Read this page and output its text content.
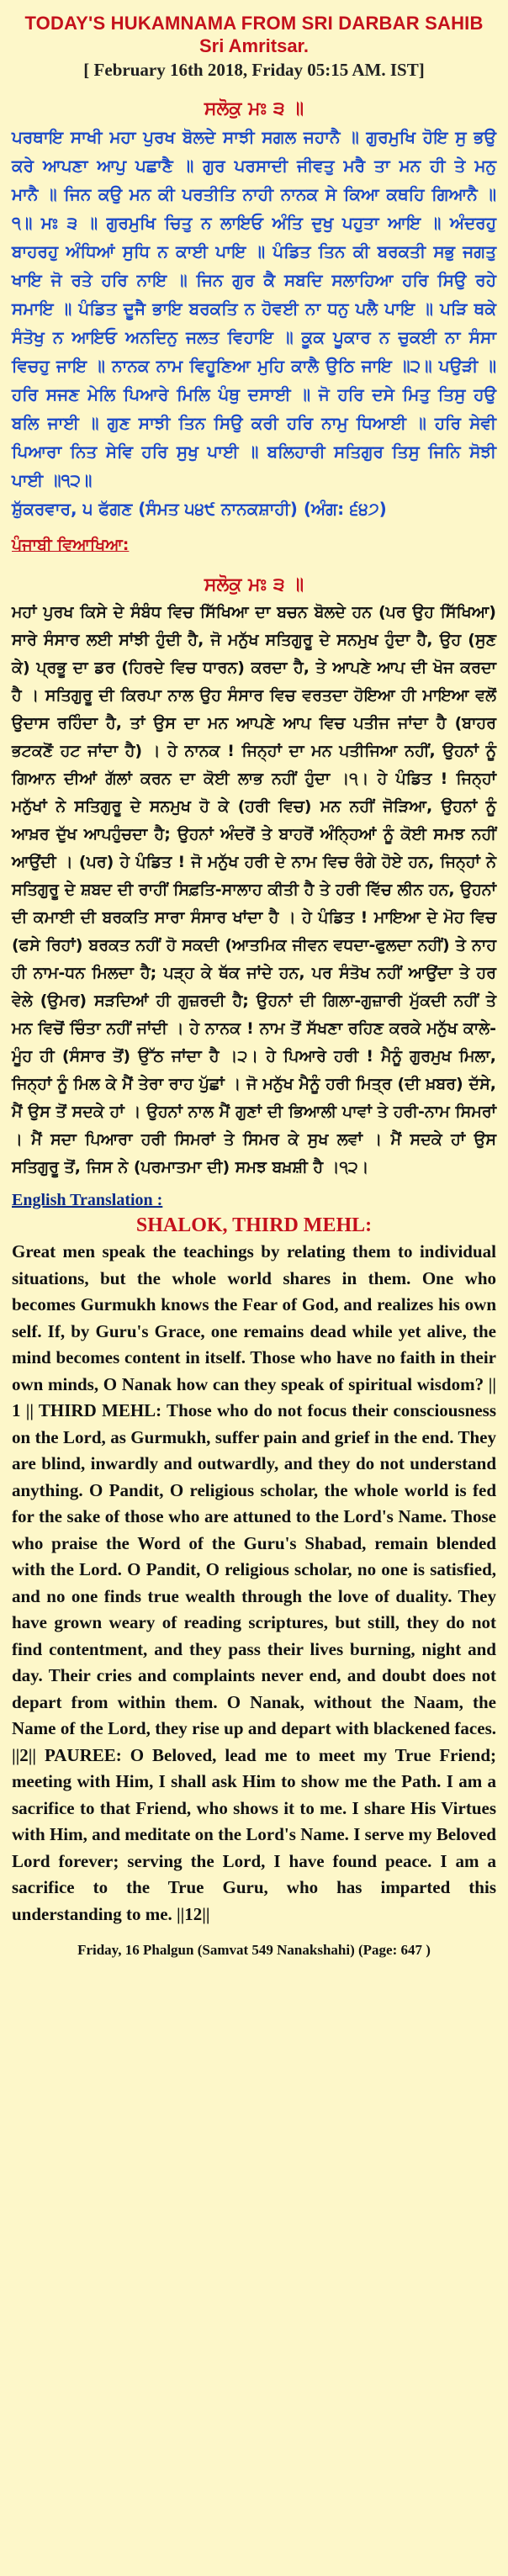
TODAY'S HUKAMNAMA FROM SRI DARBAR SAHIB
Sri Amritsar.
[ February 16th 2018, Friday 05:15 AM. IST]
ਸਲੋਕੁ ਮਃ ੩ ॥

ਪਰਥਾਇ ਸਾਖੀ ਮਹਾ ਪੁਰਖ ਬੋਲਦੇ ਸਾਝੀ ਸਗਲ ਜਹਾਨੈ ॥ ਗੁਰਮੁਖਿ ਹੋਇ ਸੁ ਭਉ ਕਰੇ ਆਪਣਾ ਆਪੁ ਪਛਾਣੈ ॥ ਗੁਰ ਪਰਸਾਦੀ ਜੀਵਤੁ ਮਰੈ ਤਾ ਮਨ ਹੀ ਤੇ ਮਨੁ ਮਾਨੈ ॥ ਜਿਨ ਕਉ ਮਨ ਕੀ ਪਰਤੀਤਿ ਨਾਹੀ ਨਾਨਕ ਸੇ ਕਿਆ ਕਥਹਿ ਗਿਆਨੈ ॥੧॥ ਮਃ ੩ ॥ ਗੁਰਮੁਖਿ ਚਿਤੁ ਨ ਲਾਇਓ ਅੰਤਿ ਦੁਖੁ ਪਹੁਤਾ ਆਇ ॥ ਅੰਦਰਹੁ ਬਾਹਰਹੁ ਅੰਧਿਆਂ ਸੁਧਿ ਨ ਕਾਈ ਪਾਇ ॥ ਪੰਡਿਤ ਤਿਨ ਕੀ ਬਰਕਤੀ ਸਭੁ ਜਗਤੁ ਖਾਇ ਜੋ ਰਤੇ ਹਰਿ ਨਾਇ ॥ ਜਿਨ ਗੁਰ ਕੈ ਸਬਦਿ ਸਲਾਹਿਆ ਹਰਿ ਸਿਉ ਰਹੇ ਸਮਾਇ ॥ ਪੰਡਿਤ ਦੂਜੈ ਭਾਇ ਬਰਕਤਿ ਨ ਹੋਵਈ ਨਾ ਧਨੁ ਪਲੈ ਪਾਇ ॥ ਪੜਿ ਥਕੇ ਸੰਤੋਖੁ ਨ ਆਇਓ ਅਨਦਿਨੁ ਜਲਤ ਵਿਹਾਇ ॥ ਕੂਕ ਪੂਕਾਰ ਨ ਚੁਕਈ ਨਾ ਸੰਸਾ ਵਿਚਹੁ ਜਾਇ ॥ ਨਾਨਕ ਨਾਮ ਵਿਹੂਣਿਆ ਮੁਹਿ ਕਾਲੈ ਉਠਿ ਜਾਇ ॥੨॥ ਪਉੜੀ ॥ ਹਰਿ ਸਜਣ ਮੇਲਿ ਪਿਆਰੇ ਮਿਲਿ ਪੰਥੁ ਦਸਾਈ ॥ ਜੋ ਹਰਿ ਦਸੇ ਮਿਤੁ ਤਿਸੁ ਹਉ ਬਲਿ ਜਾਈ ॥ ਗੁਣ ਸਾਝੀ ਤਿਨ ਸਿਉ ਕਰੀ ਹਰਿ ਨਾਮੁ ਧਿਆਈ ॥ ਹਰਿ ਸੇਵੀ ਪਿਆਰਾ ਨਿਤ ਸੇਵਿ ਹਰਿ ਸੁਖੁ ਪਾਈ ॥ ਬਲਿਹਾਰੀ ਸਤਿਗੁਰ ਤਿਸੁ ਜਿਨਿ ਸੋਝੀ ਪਾਈ ॥੧੨॥

ਸ਼ੁੱਕਰਵਾਰ, ੫ ਫੱਗਣ (ਸੰਮਤ ੫੪੯ ਨਾਨਕਸ਼ਾਹੀ) (ਅੰਗ: ੬੪੭)

ਪੰਜਾਬੀ ਵਿਆਖਿਆ:
ਸਲੋਕੁ ਮਃ ੩ ॥

ਮਹਾਂ ਪੁਰਖ ਕਿਸੇ ਦੇ ਸੰਬੰਧ ਵਿਚ ਸਿੱਖਿਆ ਦਾ ਬਚਨ ਬੋਲਦੇ ਹਨ (ਪਰ ਉਹ ਸਿੱਖਿਆ) ਸਾਰੇ ਸੰਸਾਰ ਲਈ ਸਾਂਝੀ ਹੁੰਦੀ ਹੈ, ਜੋ ਮਨੁੱਖ ਸਤਿਗੁਰੂ ਦੇ ਸਨਮੁਖ ਹੁੰਦਾ ਹੈ, ਉਹ (ਸੁਣ ਕੇ) ਪ੍ਰਭੂ ਦਾ ਡਰ (ਹਿਰਦੇ ਵਿਚ ਧਾਰਨ) ਕਰਦਾ ਹੈ, ਤੇ ਆਪਣੇ ਆਪ ਦੀ ਖੋਜ ਕਰਦਾ ਹੈ । ਸਤਿਗੁਰੂ ਦੀ ਕਿਰਪਾ ਨਾਲ ਉਹ ਸੰਸਾਰ ਵਿਚ ਵਰਤਦਾ ਹੋਇਆ ਹੀ ਮਾਇਆ ਵਲੋਂ ਉਦਾਸ ਰਹਿੰਦਾ ਹੈ, ਤਾਂ ਉਸ ਦਾ ਮਨ ਆਪਣੇ ਆਪ ਵਿਚ ਪਤੀਜ ਜਾਂਦਾ ਹੈ (ਬਾਹਰ ਭਟਕਣੋਂ ਹਟ ਜਾਂਦਾ ਹੈ) । ਹੇ ਨਾਨਕ ! ਜਿਨ੍ਹਾਂ ਦਾ ਮਨ ਪਤੀਜਿਆ ਨਹੀਂ, ਉਹਨਾਂ ਨੂੰ ਗਿਆਨ ਦੀਆਂ ਗੱਲਾਂ ਕਰਨ ਦਾ ਕੋਈ ਲਾਭ ਨਹੀਂ ਹੁੰਦਾ ।੧। ਹੇ ਪੰਡਿਤ ! ਜਿਨ੍ਹਾਂ ਮਨੁੱਖਾਂ ਨੇ ਸਤਿਗੁਰੂ ਦੇ ਸਨਮੁਖ ਹੋ ਕੇ (ਹਰੀ ਵਿਚ) ਮਨ ਨਹੀਂ ਜੋੜਿਆ, ਉਹਨਾਂ ਨੂੰ ਆਖ਼ਰ ਦੁੱਖ ਆਪਹੁੰਚਦਾ ਹੈ; ਉਹਨਾਂ ਅੰਦਰੋਂ ਤੇ ਬਾਹਰੋਂ ਅੰਨ੍ਹਿਆਂ ਨੂੰ ਕੋਈ ਸਮਝ ਨਹੀਂ ਆਉਂਦੀ । (ਪਰ) ਹੇ ਪੰਡਿਤ ! ਜੋ ਮਨੁੱਖ ਹਰੀ ਦੇ ਨਾਮ ਵਿਚ ਰੰਗੇ ਹੋਏ ਹਨ, ਜਿਨ੍ਹਾਂ ਨੇ ਸਤਿਗੁਰੂ ਦੇ ਸ਼ਬਦ ਦੀ ਰਾਹੀਂ ਸਿਫ਼ਤਿ-ਸਾਲਾਹ ਕੀਤੀ ਹੈ ਤੇ ਹਰੀ ਵਿੱਚ ਲੀਨ ਹਨ, ਉਹਨਾਂ ਦੀ ਕਮਾਈ ਦੀ ਬਰਕਤਿ ਸਾਰਾ ਸੰਸਾਰ ਖਾਂਦਾ ਹੈ । ਹੇ ਪੰਡਿਤ ! ਮਾਇਆ ਦੇ ਮੋਹ ਵਿਚ (ਫਸੇ ਰਿਹਾਂ) ਬਰਕਤ ਨਹੀਂ ਹੋ ਸਕਦੀ (ਆਤਮਿਕ ਜੀਵਨ ਵਧਦਾ-ਫੁਲਦਾ ਨਹੀਂ) ਤੇ ਨਾਹ ਹੀ ਨਾਮ-ਧਨ ਮਿਲਦਾ ਹੈ; ਪੜ੍ਹ ਕੇ ਥੱਕ ਜਾਂਦੇ ਹਨ, ਪਰ ਸੰਤੋਖ ਨਹੀਂ ਆਉਂਦਾ ਤੇ ਹਰ ਵੇਲੇ (ਉਮਰ) ਸੜਦਿਆਂ ਹੀ ਗੁਜ਼ਰਦੀ ਹੈ; ਉਹਨਾਂ ਦੀ ਗਿਲਾ-ਗੁਜ਼ਾਰੀ ਮੁੱਕਦੀ ਨਹੀਂ ਤੇ ਮਨ ਵਿਚੋਂ ਚਿੰਤਾ ਨਹੀਂ ਜਾਂਦੀ । ਹੇ ਨਾਨਕ ! ਨਾਮ ਤੋਂ ਸੱਖਣਾ ਰਹਿਣ ਕਰਕੇ ਮਨੁੱਖ ਕਾਲੇ-ਮੂੰਹ ਹੀ (ਸੰਸਾਰ ਤੋਂ) ਉੱਠ ਜਾਂਦਾ ਹੈ ।੨। ਹੇ ਪਿਆਰੇ ਹਰੀ ! ਮੈਨੂੰ ਗੁਰਮੁਖ ਮਿਲਾ, ਜਿਨ੍ਹਾਂ ਨੂੰ ਮਿਲ ਕੇ ਮੈਂ ਤੇਰਾ ਰਾਹ ਪੁੱਛਾਂ । ਜੋ ਮਨੁੱਖ ਮੈਨੂੰ ਹਰੀ ਮਿਤ੍ਰ (ਦੀ ਖ਼ਬਰ) ਦੱਸੇ, ਮੈਂ ਉਸ ਤੋਂ ਸਦਕੇ ਹਾਂ । ਉਹਨਾਂ ਨਾਲ ਮੈਂ ਗੁਣਾਂ ਦੀ ਭਿਆਲੀ ਪਾਵਾਂ ਤੇ ਹਰੀ-ਨਾਮ ਸਿਮਰਾਂ । ਮੈਂ ਸਦਾ ਪਿਆਰਾ ਹਰੀ ਸਿਮਰਾਂ ਤੇ ਸਿਮਰ ਕੇ ਸੁਖ ਲਵਾਂ । ਮੈਂ ਸਦਕੇ ਹਾਂ ਉਸ ਸਤਿਗੁਰੂ ਤੋਂ, ਜਿਸ ਨੇ (ਪਰਮਾਤਮਾ ਦੀ) ਸਮਝ ਬਖ਼ਸ਼ੀ ਹੈ ।੧੨।

English Translation :
SHALOK, THIRD MEHL:

Great men speak the teachings by relating them to individual situations, but the whole world shares in them. One who becomes Gurmukh knows the Fear of God, and realizes his own self. If, by Guru's Grace, one remains dead while yet alive, the mind becomes content in itself. Those who have no faith in their own minds, O Nanak how can they speak of spiritual wisdom? || 1 || THIRD MEHL: Those who do not focus their consciousness on the Lord, as Gurmukh, suffer pain and grief in the end. They are blind, inwardly and outwardly, and they do not understand anything. O Pandit, O religious scholar, the whole world is fed for the sake of those who are attuned to the Lord's Name. Those who praise the Word of the Guru's Shabad, remain blended with the Lord. O Pandit, O religious scholar, no one is satisfied, and no one finds true wealth through the love of duality. They have grown weary of reading scriptures, but still, they do not find contentment, and they pass their lives burning, night and day. Their cries and complaints never end, and doubt does not depart from within them. O Nanak, without the Naam, the Name of the Lord, they rise up and depart with blackened faces. ||2|| PAUREE: O Beloved, lead me to meet my True Friend; meeting with Him, I shall ask Him to show me the Path. I am a sacrifice to that Friend, who shows it to me. I share His Virtues with Him, and meditate on the Lord's Name. I serve my Beloved Lord forever; serving the Lord, I have found peace. I am a sacrifice to the True Guru, who has imparted this understanding to me. ||12||

Friday, 16 Phalgun (Samvat 549 Nanakshahi) (Page: 647 )
